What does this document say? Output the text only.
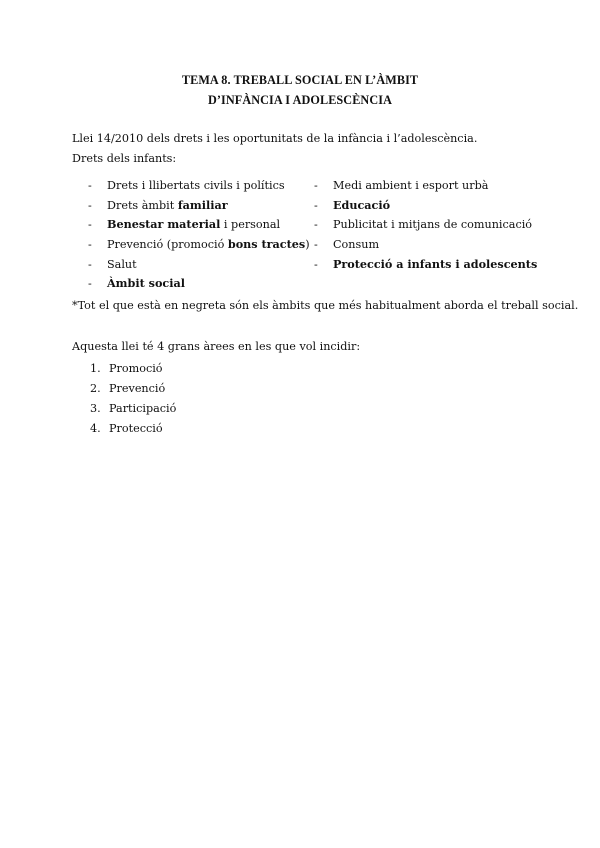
TEMA 8. TREBALL SOCIAL EN L’ÀMBIT
D’INFÀNCIA I ADOLESCÈNCIA
Llei 14/2010 dels drets i les oportunitats de la infància i l’adolescència.
Drets dels infants:
-	Drets i llibertats civils i polítics
-	Drets àmbit familiar
-	Benestar material i personal
-	Prevenció (promoció bons tractes)
-	Salut
-	Àmbit social
-	Medi ambient i esport urbà
-	Educació
-	Publicitat i mitjans de comunicació
-	Consum
-	Protecció a infants i adolescents
*Tot el que està en negreta són els àmbits que més habitualment aborda el treball social.
Aquesta llei té 4 grans àrees en les que vol incidir:
1. Promoció
2. Prevenció
3. Participació
4. Protecció
